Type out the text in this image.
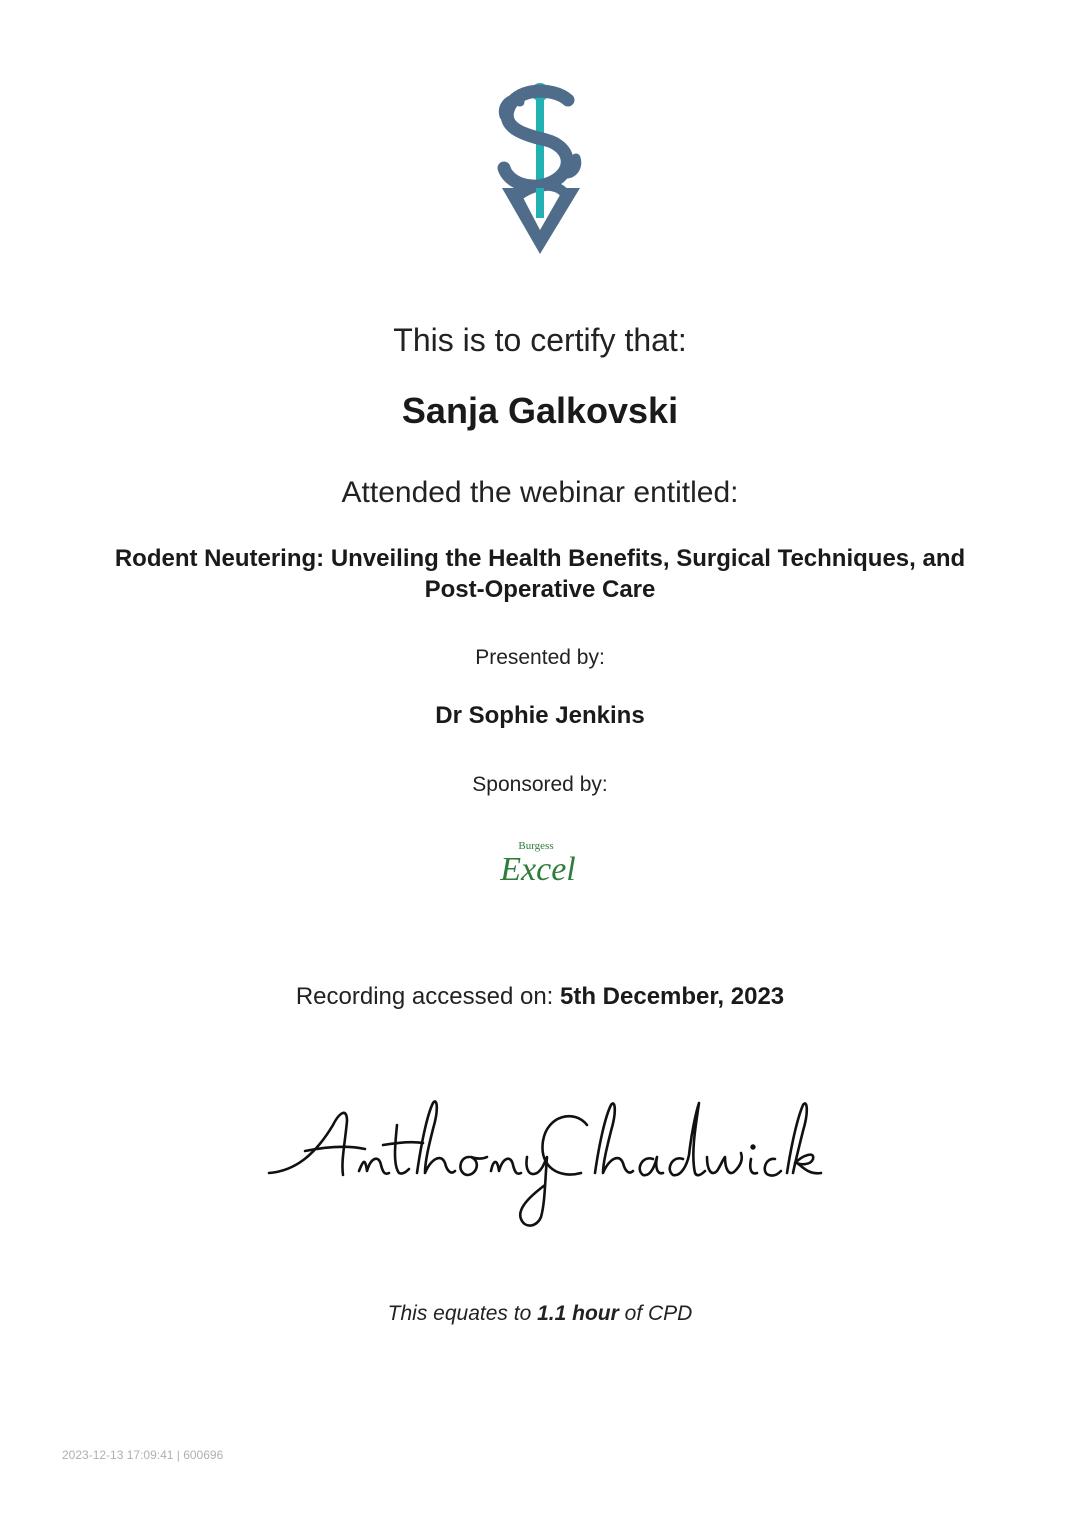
This is to certify that:
Sanja Galkovski
Attended the webinar entitled:
Rodent Neutering: Unveiling the Health Benefits, Surgical Techniques, and
Post-Operative Care
Presented by:
Dr Sophie Jenkins
Sponsored by:
Burgess
Excel
Recording accessed on: 5th December, 2023
This equates to 1.1 hour of CPD
2023-12-13 17:09:41 | 600696
